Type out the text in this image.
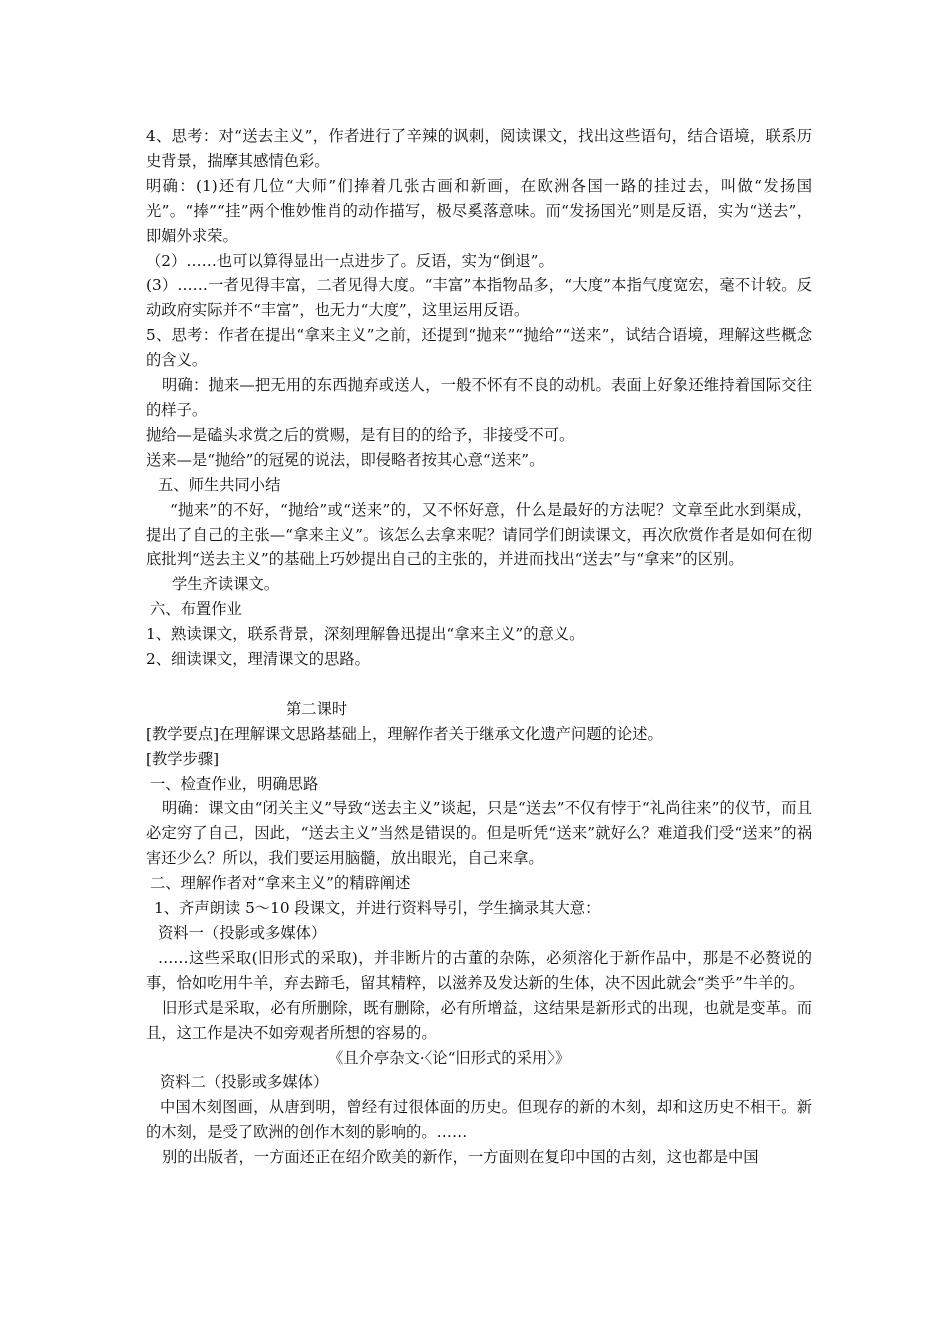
4、思考：对“送去主义”，作者进行了辛辣的讽刺，阅读课文，找出这些语句，结合语境，联系历史背景，揣摩其感情色彩。

明确：(1)还有几位“大师”们捧着几张古画和新画，在欧洲各国一路的挂过去，叫做“发扬国光”。“捧”“挂”两个惟妙惟肖的动作描写，极尽奚落意味。而“发扬国光”则是反语，实为“送去”，即媚外求荣。

（2）……也可以算得显出一点进步了。反语，实为“倒退”。

(3）……一者见得丰富，二者见得大度。“丰富”本指物品多，“大度”本指气度宽宏，毫不计较。反动政府实际并不“丰富”，也无力“大度”，这里运用反语。

5、思考：作者在提出“拿来主义”之前，还提到“抛来”“抛给”“送来”，试结合语境，理解这些概念的含义。

明确：抛来—把无用的东西抛弃或送人，一般不怀有不良的动机。表面上好象还维持着国际交往的样子。

抛给—是磕头求赏之后的赏赐，是有目的的给予，非接受不可。

送来—是“抛给”的冠冕的说法，即侵略者按其心意“送来”。

五、师生共同小结

“抛来”的不好，“抛给”或“送来”的，又不怀好意，什么是最好的方法呢？文章至此水到渠成，提出了自己的主张—“拿来主义”。该怎么去拿来呢？请同学们朗读课文，再次欣赏作者是如何在彻底批判“送去主义”的基础上巧妙提出自己的主张的，并进而找出“送去”与“拿来”的区别。

学生齐读课文。

六、布置作业

1、熟读课文，联系背景，深刻理解鲁迅提出“拿来主义”的意义。

2、细读课文，理清课文的思路。

第二课时

[教学要点]在理解课文思路基础上，理解作者关于继承文化遗产问题的论述。

[教学步骤]

一、检查作业，明确思路

明确：课文由“闭关主义”导致“送去主义”谈起，只是“送去”不仅有悖于“礼尚往来”的仪节，而且必定穷了自己，因此，“送去主义”当然是错误的。但是听凭“送来”就好么？难道我们受“送来”的祸害还少么？所以，我们要运用脑髓，放出眼光，自己来拿。

二、理解作者对“拿来主义”的精辟阐述

1、齐声朗读 5～10 段课文，并进行资料导引，学生摘录其大意：

资料一（投影或多媒体）

……这些采取(旧形式的采取)，并非断片的古董的杂陈，必须溶化于新作品中，那是不必赘说的事，恰如吃用牛羊，弃去蹄毛，留其精粹，以滋养及发达新的生体，决不因此就会“类乎”牛羊的。

旧形式是采取，必有所删除，既有删除，必有所增益，这结果是新形式的出现，也就是变革。而且，这工作是决不如旁观者所想的容易的。

《且介亭杂文·〈论“旧形式的采用〉》

资料二（投影或多媒体）

中国木刻图画，从唐到明，曾经有过很体面的历史。但现存的新的木刻，却和这历史不相干。新的木刻，是受了欧洲的创作木刻的影响的。……

别的出版者，一方面还正在绍介欧美的新作，一方面则在复印中国的古刻，这也都是中国
